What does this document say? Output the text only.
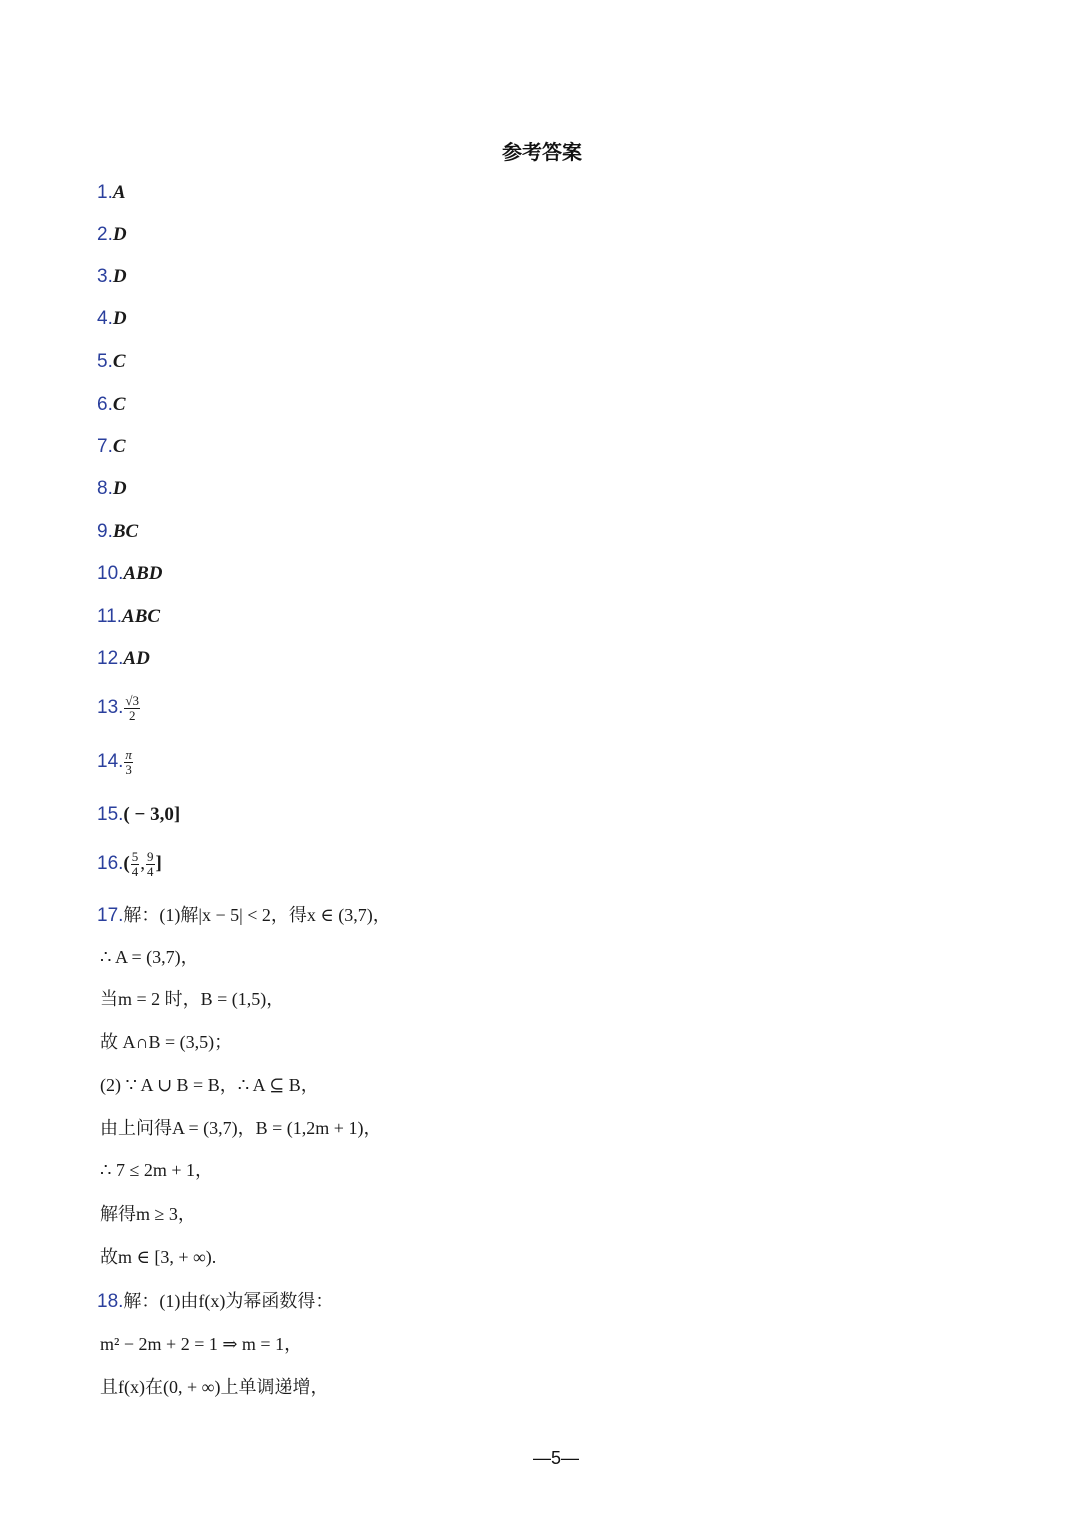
参考答案
1.A
2.D
3.D
4.D
5.C
6.C
7.C
8.D
9.BC
10.ABD
11.ABC
12.AD
13. $\frac{√3}{2}$
14. $\frac{\pi}{3}$
15.( − 3,0]
$16.( \frac{5}{4}$ , $\frac{9}{4}$ ]
17.解：(1)解|x − 5| < 2，得x ∈ (3,7)，
∴ A = (3,7)，
当m = 2 时，B = (1,5)，
故 A∩B = (3,5)；
(2) ∵ A ∪ B = B，∴ A ⊆ B，
由上问得A = (3,7)，B = (1,2m + 1)，
∴ 7 ≤ 2m + 1，
解得m ≥ 3，
故m ∈ [3, + ∞).
18.解：(1)由f(x)为幂函数得：
m² − 2m + 2 = 1 ⇒ m = 1，
且f(x)在(0, + ∞)上单调递增，
—5—
